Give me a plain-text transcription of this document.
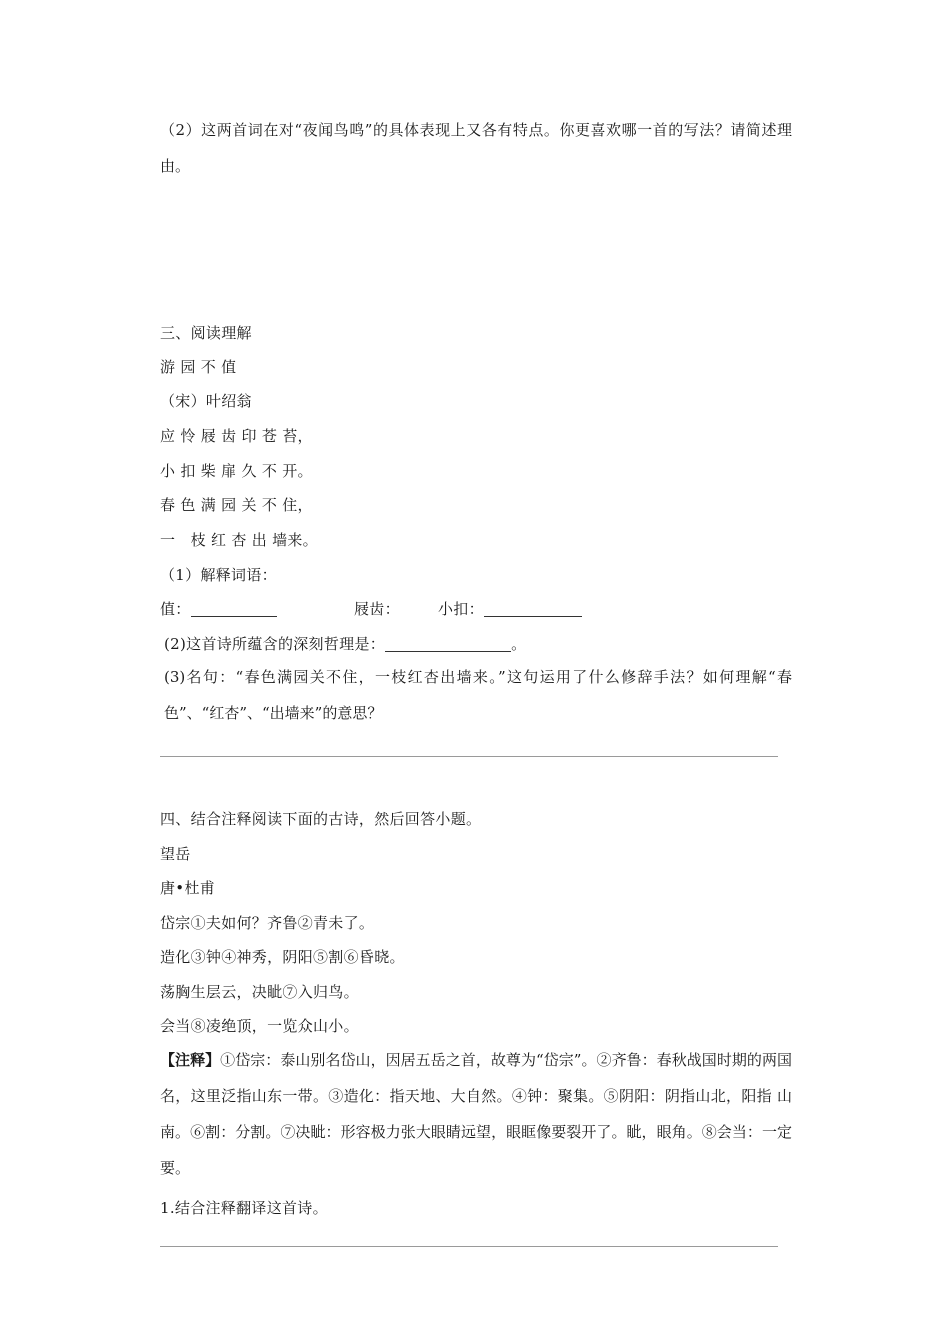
（2）这两首词在对“夜闻鸟鸣”的具体表现上又各有特点。你更喜欢哪一首的写法？请简述理由。
三、阅读理解
游 园 不 值
（宋）叶绍翁
应 怜 屐 齿 印 苍 苔，
小 扣 柴 扉 久 不 开。
春 色 满 园 关 不 住，
一　枝 红 杏 出 墙来。
（1）解释词语：
值：	屐齿：	小扣：
(2)这首诗所蕴含的深刻哲理是：	。
(3)名句：“春色满园关不住，一枝红杏出墙来。”这句运用了什么修辞手法？如何理解“春色”、“红杏”、“出墙来”的意思？
四、结合注释阅读下面的古诗，然后回答小题。
望岳
唐•杜甫
岱宗①夫如何？齐鲁②青未了。
造化③钟④神秀，阴阳⑤割⑥昏晓。
荡胸生层云，决眦⑦入归鸟。
会当⑧凌绝顶，一览众山小。
【注释】①岱宗：泰山别名岱山，因居五岳之首，故尊为“岱宗”。②齐鲁：春秋战国时期的两国名，这里泛指山东一带。③造化：指天地、大自然。④钟：聚集。⑤阴阳：阴指山北，阳指 山南。⑥割：分割。⑦决眦：形容极力张大眼睛远望，眼眶像要裂开了。眦，眼角。⑧会当：一定要。
1.结合注释翻译这首诗。
